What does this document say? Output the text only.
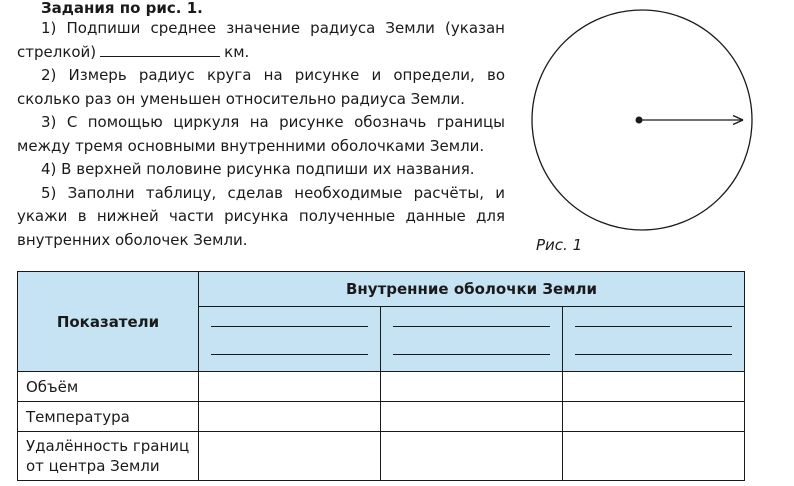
Задания по рис. 1.

1) Подпиши среднее значение радиуса Земли (указан стрелкой)	км.

2) Измерь радиус круга на рисунке и определи, во сколько раз он уменьшен относительно радиуса Земли.

3) С помощью циркуля на рисунке обозначь границы между тремя основными внутренними оболочками Земли.

4) В верхней половине рисунка подпиши их названия.

5) Заполни таблицу, сделав необходимые расчёты, и укажи в нижней части рисунка полученные данные для внутренних оболочек Земли.	Рис. 1
Показатели	Внутренние оболочки Земли		

Объём			
Температура			
Удалённость границ от центра Земли			
